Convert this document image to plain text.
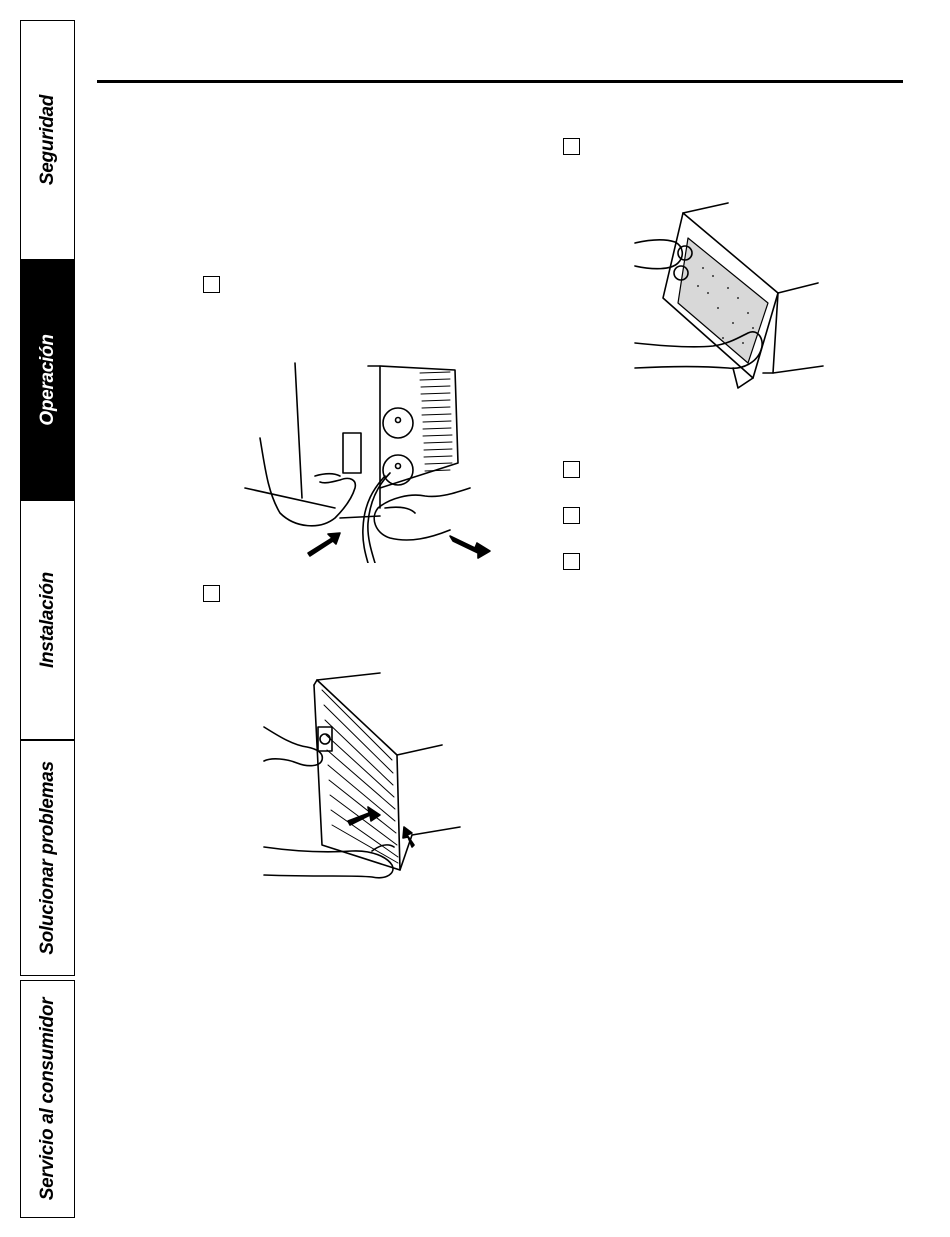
Seguridad
Operación
Instalación
Solucionar problemas
Servicio al consumidor
